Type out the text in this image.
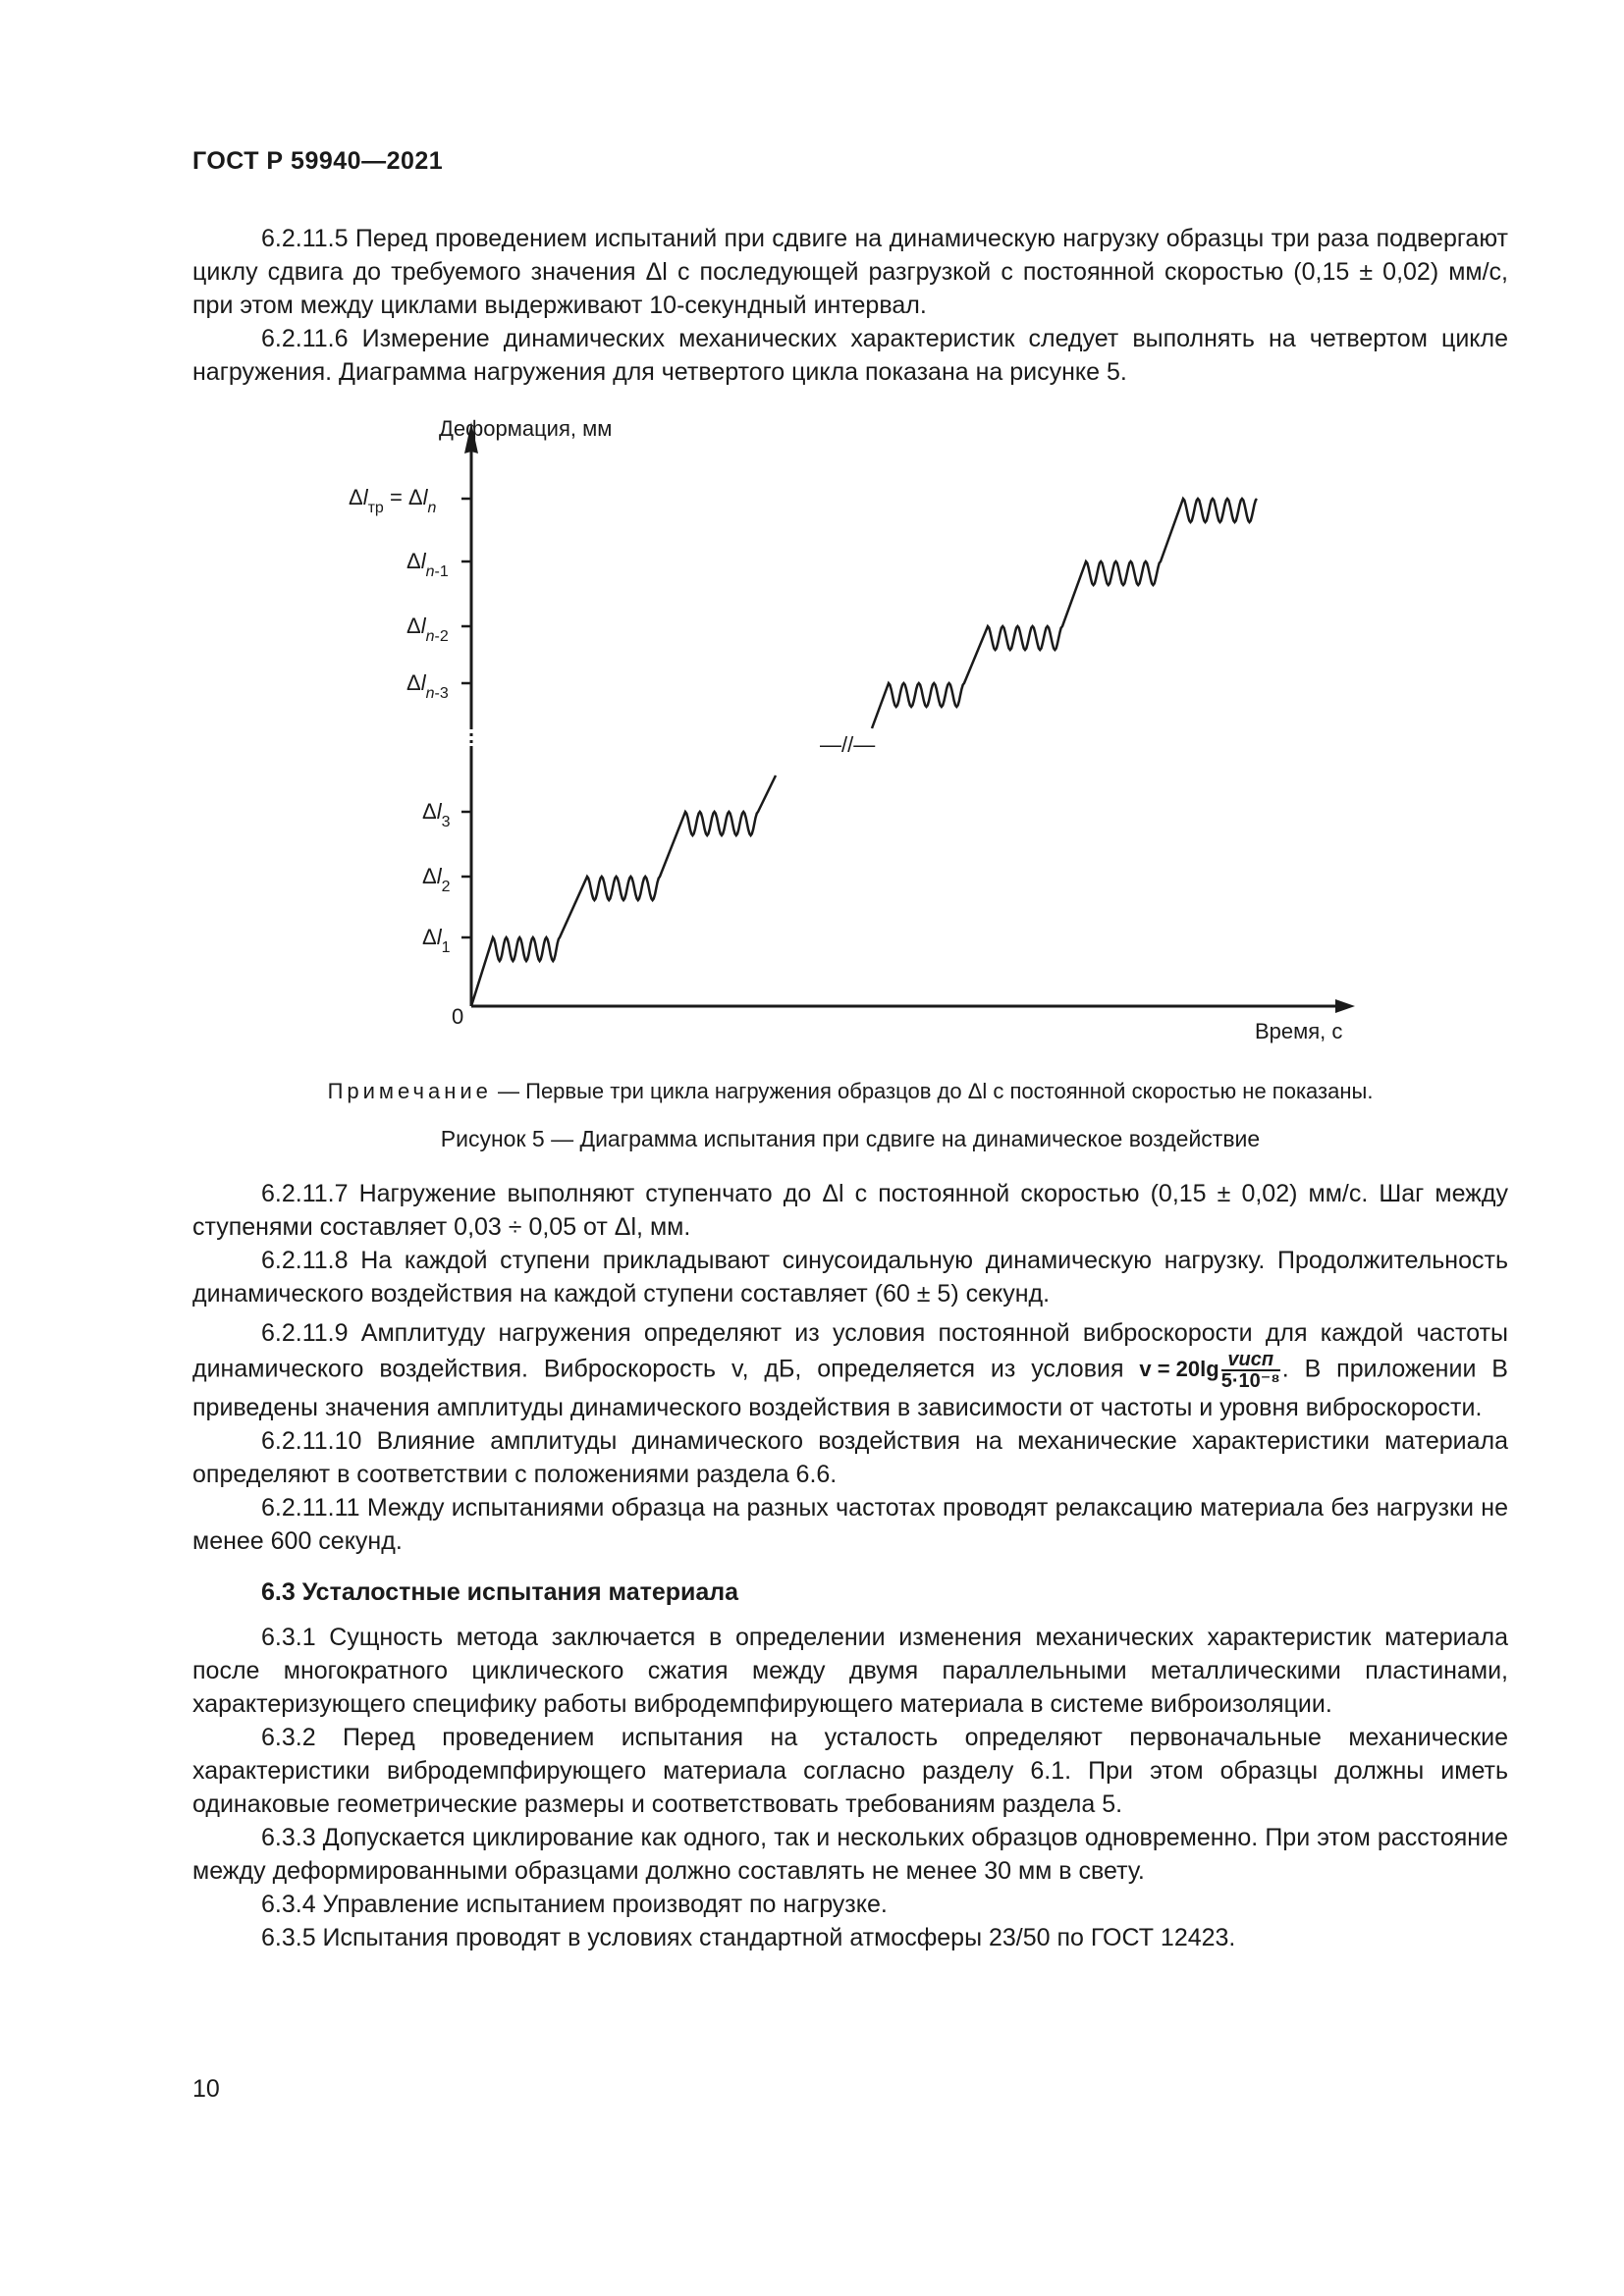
ГОСТ Р 59940—2021

6.2.11.5 Перед проведением испытаний при сдвиге на динамическую нагрузку образцы три раза подвергают циклу сдвига до требуемого значения Δl с последующей разгрузкой с постоянной скоростью (0,15 ± 0,02) мм/с, при этом между циклами выдерживают 10-секундный интервал.

6.2.11.6 Измерение динамических механических характеристик следует выполнять на четвертом цикле нагружения. Диаграмма нагружения для четвертого цикла показана на рисунке 5.

Деформация, мм
Время, с
0
—//—
$\Delta l_1$
$\Delta l_2$
$\Delta l_3$
$\Delta l_n-3$
$\Delta l_n-2$
$\Delta l_n-1$
$\Delta l_{тр} = \Delta l_n$
Примечание — Первые три цикла нагружения образцов до Δl с постоянной скоростью не показаны.
Рисунок 5 — Диаграмма испытания при сдвиге на динамическое воздействие

6.2.11.7 Нагружение выполняют ступенчато до Δl с постоянной скоростью (0,15 ± 0,02) мм/с. Шаг между ступенями составляет 0,03 ÷ 0,05 от Δl, мм.

6.2.11.8 На каждой ступени прикладывают синусоидальную динамическую нагрузку. Продолжительность динамического воздействия на каждой ступени составляет (60 ± 5) секунд.

6.2.11.9 Амплитуду нагружения определяют из условия постоянной виброскорости для каждой частоты динамического воздействия. Виброскорость v, дБ, определяется из условия $v = 20\lg \frac{\text{vисп}}{\text{5·10⁻⁸}}$ . В приложении В приведены значения амплитуды динамического воздействия в зависимости от частоты и уровня виброскорости.

6.2.11.10 Влияние амплитуды динамического воздействия на механические характеристики материала определяют в соответствии с положениями раздела 6.6.

6.2.11.11 Между испытаниями образца на разных частотах проводят релаксацию материала без нагрузки не менее 600 секунд.

6.3 Усталостные испытания материала

6.3.1 Сущность метода заключается в определении изменения механических характеристик материала после многократного циклического сжатия между двумя параллельными металлическими пластинами, характеризующего специфику работы вибродемпфирующего материала в системе виброизоляции.

6.3.2 Перед проведением испытания на усталость определяют первоначальные механические характеристики вибродемпфирующего материала согласно разделу 6.1. При этом образцы должны иметь одинаковые геометрические размеры и соответствовать требованиям раздела 5.

6.3.3 Допускается циклирование как одного, так и нескольких образцов одновременно. При этом расстояние между деформированными образцами должно составлять не менее 30 мм в свету.

6.3.4 Управление испытанием производят по нагрузке.

6.3.5 Испытания проводят в условиях стандартной атмосферы 23/50 по ГОСТ 12423.

10
